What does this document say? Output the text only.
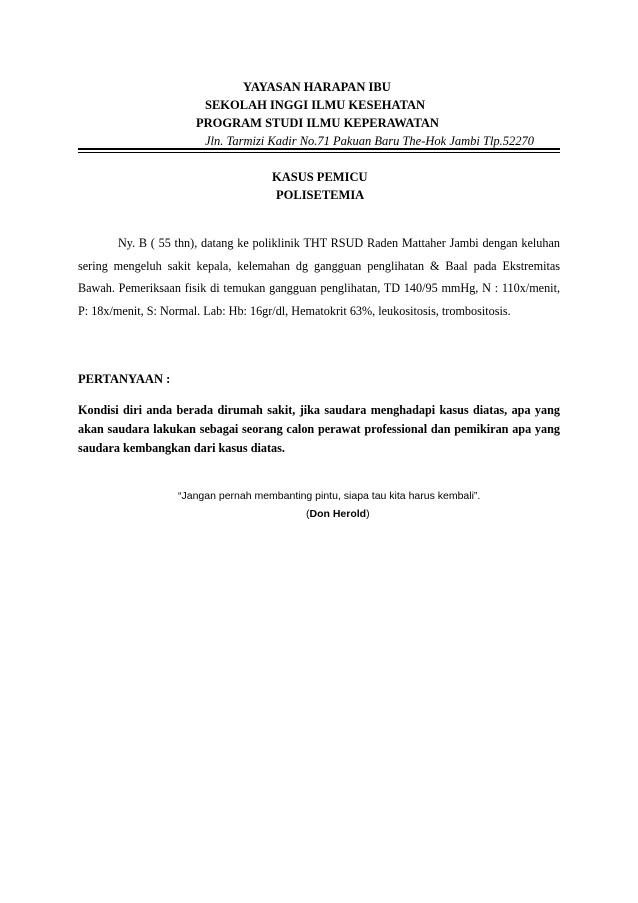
YAYASAN HARAPAN IBU
SEKOLAH INGGI ILMU KESEHATAN
PROGRAM STUDI ILMU KEPERAWATAN
Jln. Tarmizi Kadir No.71 Pakuan Baru The-Hok Jambi Tlp.52270
KASUS PEMICU
POLISETEMIA

Ny. B ( 55 thn), datang ke poliklinik THT RSUD Raden Mattaher Jambi dengan keluhan sering mengeluh sakit kepala, kelemahan dg gangguan penglihatan & Baal pada Ekstremitas Bawah. Pemeriksaan fisik di temukan gangguan penglihatan, TD 140/95 mmHg, N : 110x/menit, P: 18x/menit, S: Normal. Lab: Hb: 16gr/dl, Hematokrit 63%, leukositosis, trombositosis.

PERTANYAAN :

Kondisi diri anda berada dirumah sakit, jika saudara menghadapi kasus diatas, apa yang akan saudara lakukan sebagai seorang calon perawat professional dan pemikiran apa yang saudara kembangkan dari kasus diatas.

“Jangan pernah membanting pintu, siapa tau kita harus kembali”.
(Don Herold)
